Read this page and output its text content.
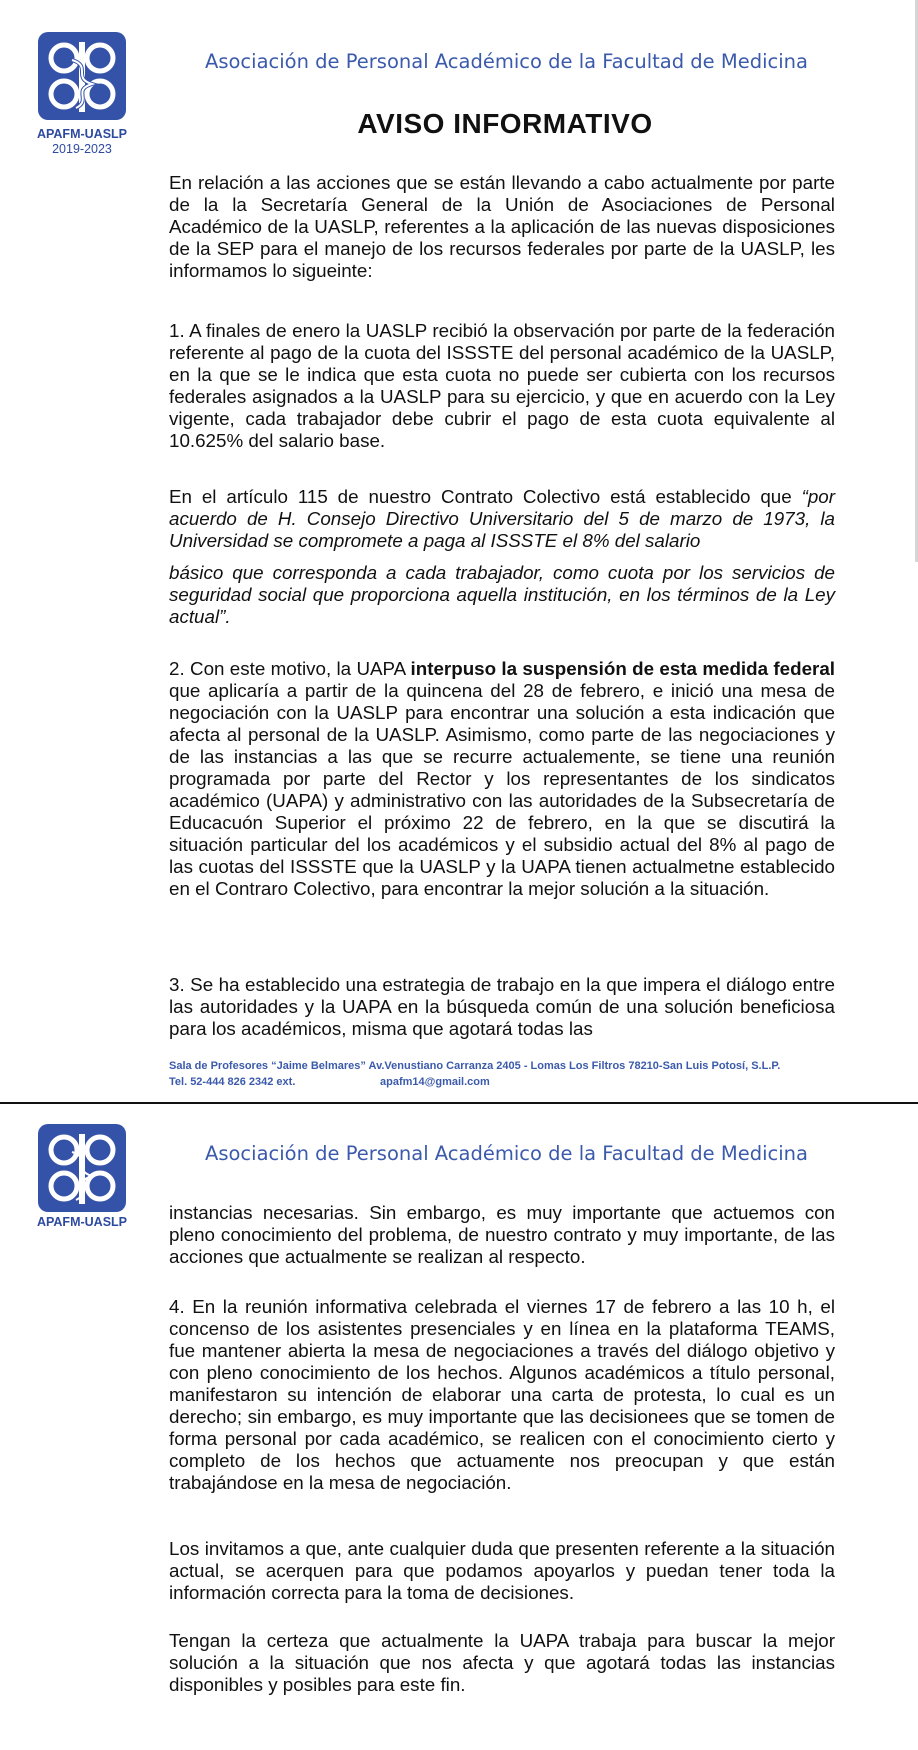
APAFM-UASLP
2019-2023
Asociación de Personal Académico de la Facultad de Medicina
AVISO INFORMATIVO

En relación a las acciones que se están llevando a cabo actualmente por parte de la la Secretaría General de la Unión de Asociaciones de Personal Académico de la UASLP, referentes a la aplicación de las nuevas disposiciones de la SEP para el manejo de los recursos federales por parte de la UASLP, les informamos lo sigueinte:

1. A finales de enero la UASLP recibió la observación por parte de la federación referente al pago de la cuota del ISSSTE del personal académico de la UASLP, en la que se le indica que esta cuota no puede ser cubierta con los recursos federales asignados a la UASLP para su ejercicio, y que en acuerdo con la Ley vigente, cada trabajador debe cubrir el pago de esta cuota equivalente al 10.625% del salario base.

En el artículo 115 de nuestro Contrato Colectivo está establecido que “por acuerdo de H. Consejo Directivo Universitario del 5 de marzo de 1973, la Universidad se compromete a paga al ISSSTE el 8% del salario

básico que corresponda a cada trabajador, como cuota por los servicios de seguridad social que proporciona aquella institución, en los términos de la Ley actual”.

2. Con este motivo, la UAPA interpuso la suspensión de esta medida federal que aplicaría a partir de la quincena del 28 de febrero, e inició una mesa de negociación con la UASLP para encontrar una solución a esta indicación que afecta al personal de la UASLP. Asimismo, como parte de las negociaciones y de las instancias a las que se recurre actualemente, se tiene una reunión programada por parte del Rector y los representantes de los sindicatos académico (UAPA) y administrativo con las autoridades de la Subsecretaría de Educacuón Superior el próximo 22 de febrero, en la que se discutirá la situación particular del los académicos y el subsidio actual del 8% al pago de las cuotas del ISSSTE que la UASLP y la UAPA tienen actualmetne establecido en el Contraro Colectivo, para encontrar la mejor solución a la situación.

3. Se ha establecido una estrategia de trabajo en la que impera el diálogo entre las autoridades y la UAPA en la búsqueda común de una solución beneficiosa para los académicos, misma que agotará todas las

Sala de Profesores “Jaime Belmares” Av.Venustiano Carranza 2405 - Lomas Los Filtros 78210-San Luis Potosí, S.L.P.
Tel. 52-444 826 2342 ext.	apafm14@gmail.com
APAFM-UASLP
Asociación de Personal Académico de la Facultad de Medicina

instancias necesarias. Sin embargo, es muy importante que actuemos con pleno conocimiento del problema, de nuestro contrato y muy importante, de las acciones que actualmente se realizan al respecto.

4. En la reunión informativa celebrada el viernes 17 de febrero a las 10 h, el concenso de los asistentes presenciales y en línea en la plataforma TEAMS, fue mantener abierta la mesa de negociaciones a través del diálogo objetivo y con pleno conocimiento de los hechos. Algunos académicos a título personal, manifestaron su intención de elaborar una carta de protesta, lo cual es un derecho; sin embargo, es muy importante que las decisionees que se tomen de forma personal por cada académico, se realicen con el conocimiento cierto y completo de los hechos que actuamente nos preocupan y que están trabajándose en la mesa de negociación.

Los invitamos a que, ante cualquier duda que presenten referente a la situación actual, se acerquen para que podamos apoyarlos y puedan tener toda la información correcta para la toma de decisiones.

Tengan la certeza que actualmente la UAPA trabaja para buscar la mejor solución a la situación que nos afecta y que agotará todas las instancias disponibles y posibles para este fin.
